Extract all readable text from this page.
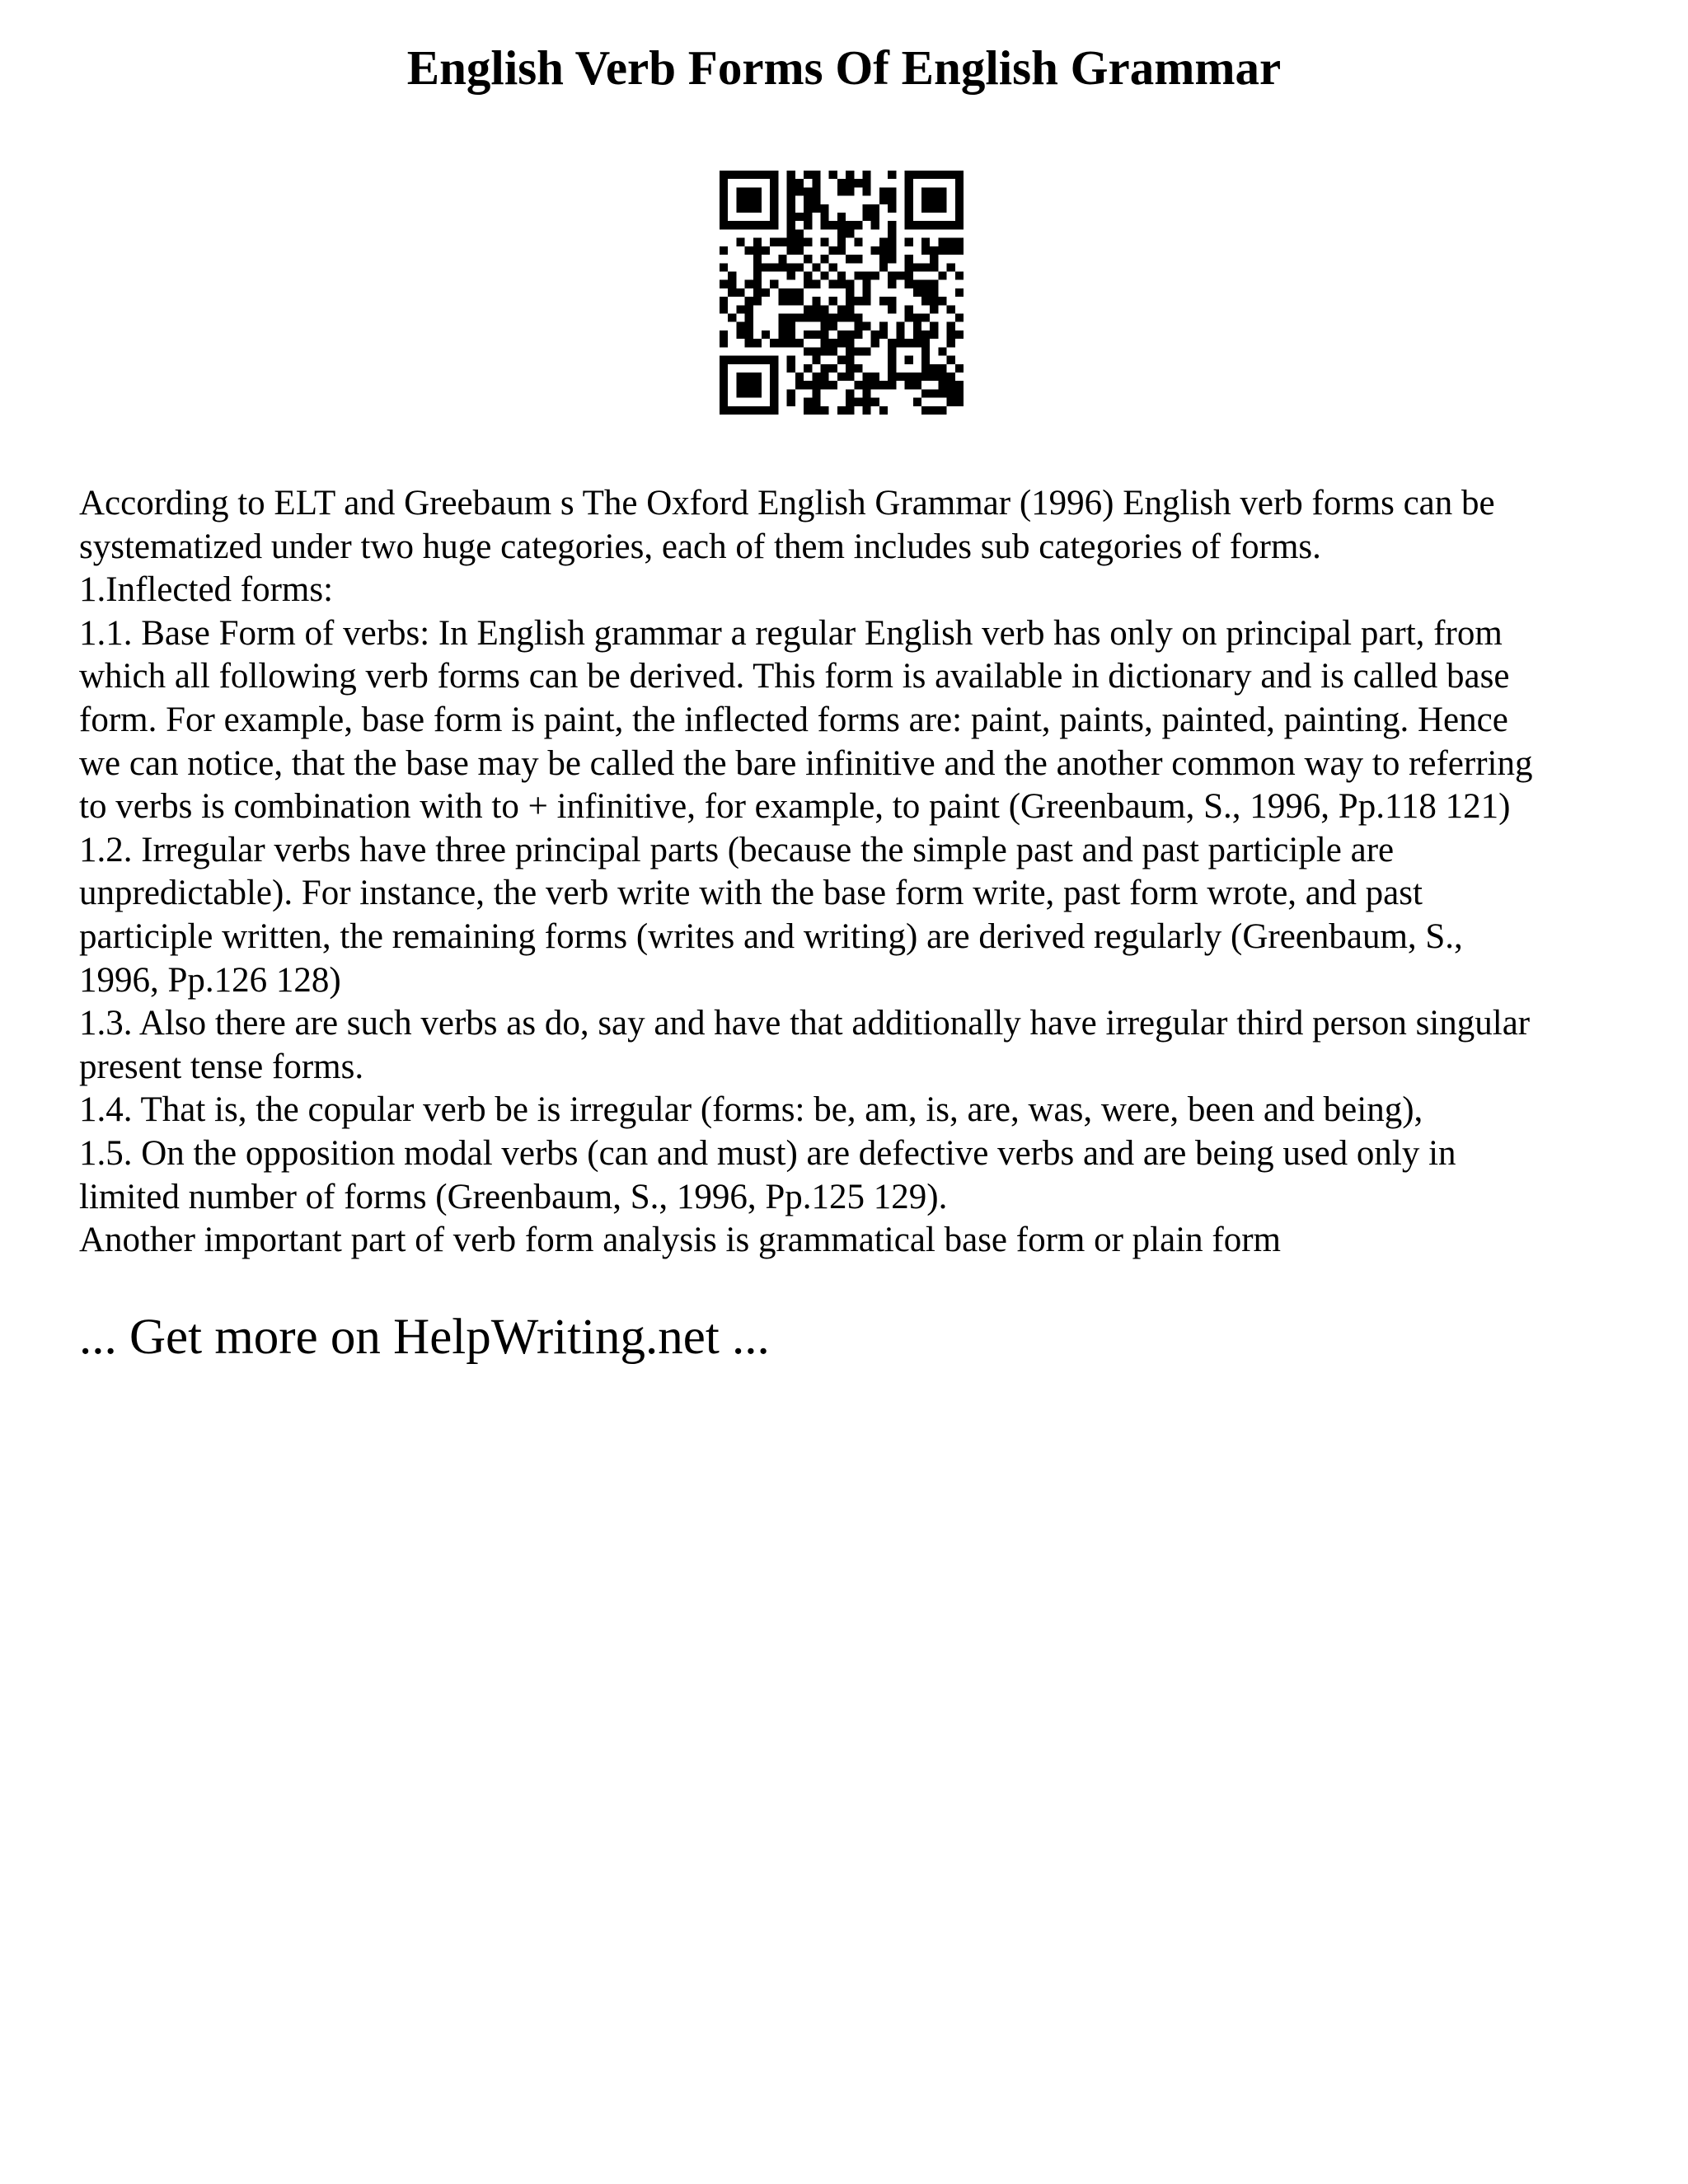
English Verb Forms Of English Grammar
According to ELT and Greebaum s The Oxford English Grammar (1996) English verb forms can be
systematized under two huge categories, each of them includes sub categories of forms.
1.Inflected forms:
1.1. Base Form of verbs: In English grammar a regular English verb has only on principal part, from
which all following verb forms can be derived. This form is available in dictionary and is called base
form. For example, base form is paint, the inflected forms are: paint, paints, painted, painting. Hence
we can notice, that the base may be called the bare infinitive and the another common way to referring
to verbs is combination with to + infinitive, for example, to paint (Greenbaum, S., 1996, Pp.118 121)
1.2. Irregular verbs have three principal parts (because the simple past and past participle are
unpredictable). For instance, the verb write with the base form write, past form wrote, and past
participle written, the remaining forms (writes and writing) are derived regularly (Greenbaum, S.,
1996, Pp.126 128)
1.3. Also there are such verbs as do, say and have that additionally have irregular third person singular
present tense forms.
1.4. That is, the copular verb be is irregular (forms: be, am, is, are, was, were, been and being),
1.5. On the opposition modal verbs (can and must) are defective verbs and are being used only in
limited number of forms (Greenbaum, S., 1996, Pp.125 129).
Another important part of verb form analysis is grammatical base form or plain form
... Get more on HelpWriting.net ...
